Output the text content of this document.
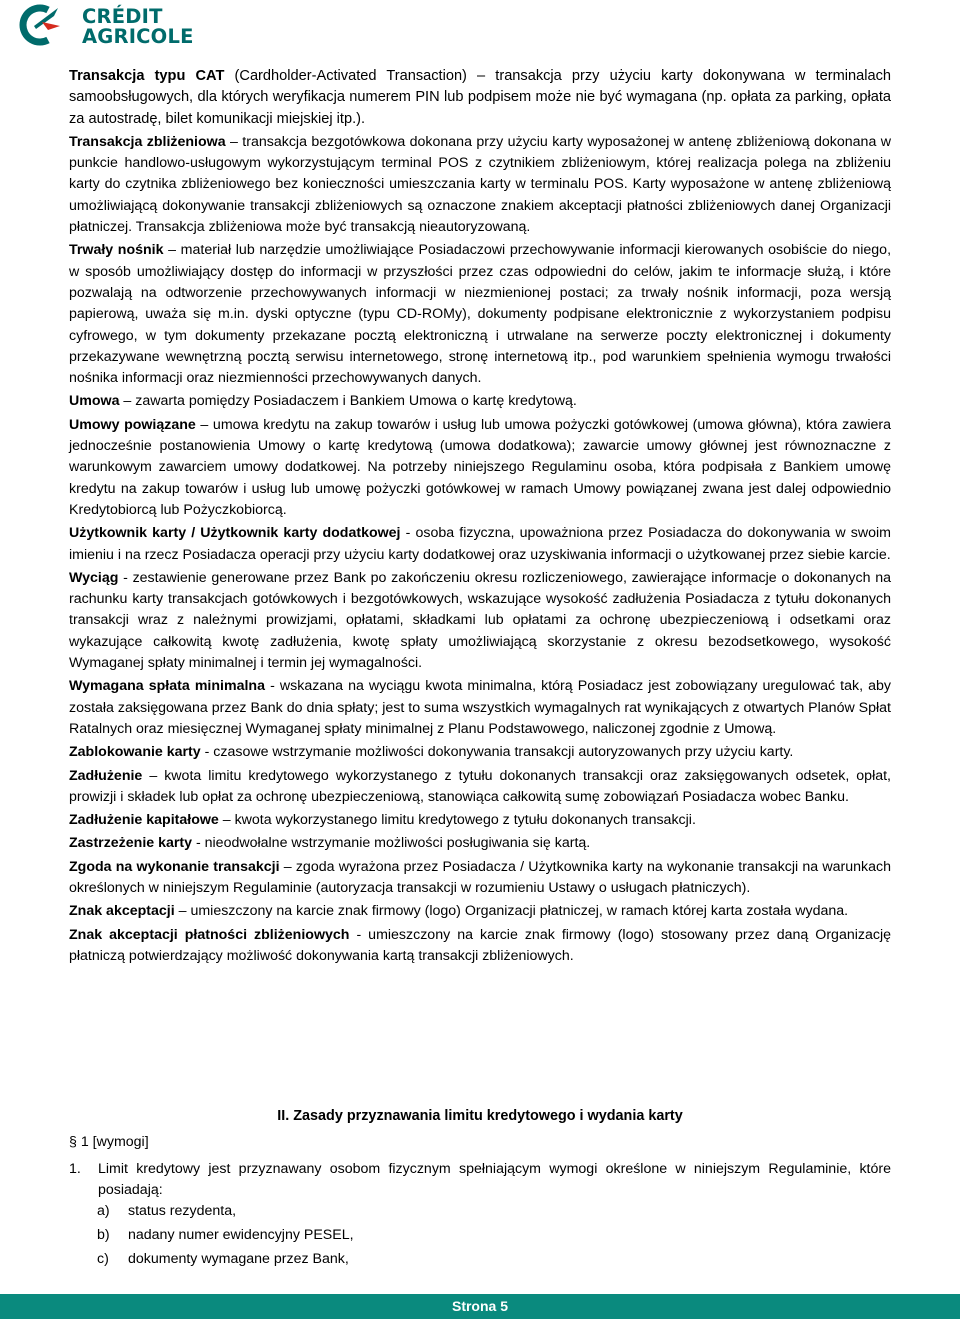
CRÉDIT
AGRICOLE

Transakcja typu CAT (Cardholder-Activated Transaction) – transakcja przy użyciu karty dokonywana w terminalach samoobsługowych, dla których weryfikacja numerem PIN lub podpisem może nie być wymagana (np. opłata za parking, opłata za autostradę, bilet komunikacji miejskiej itp.).

Transakcja zbliżeniowa – transakcja bezgotówkowa dokonana przy użyciu karty wyposażonej w antenę zbliżeniową dokonana w punkcie handlowo-usługowym wykorzystującym terminal POS z czytnikiem zbliżeniowym, której realizacja polega na zbliżeniu karty do czytnika zbliżeniowego bez konieczności umieszczania karty w terminalu POS. Karty wyposażone w antenę zbliżeniową umożliwiającą dokonywanie transakcji zbliżeniowych są oznaczone znakiem akceptacji płatności zbliżeniowych danej Organizacji płatniczej. Transakcja zbliżeniowa może być transakcją nieautoryzowaną.

Trwały nośnik – materiał lub narzędzie umożliwiające Posiadaczowi przechowywanie informacji kierowanych osobiście do niego, w sposób umożliwiający dostęp do informacji w przyszłości przez czas odpowiedni do celów, jakim te informacje służą, i które pozwalają na odtworzenie przechowywanych informacji w niezmienionej postaci; za trwały nośnik informacji, poza wersją papierową, uważa się m.in. dyski optyczne (typu CD-ROMy), dokumenty podpisane elektronicznie z wykorzystaniem podpisu cyfrowego, w tym dokumenty przekazane pocztą elektroniczną i utrwalane na serwerze poczty elektronicznej i dokumenty przekazywane wewnętrzną pocztą serwisu internetowego, stronę internetową itp., pod warunkiem spełnienia wymogu trwałości nośnika informacji oraz niezmienności przechowywanych danych.

Umowa – zawarta pomiędzy Posiadaczem i Bankiem Umowa o kartę kredytową.

Umowy powiązane – umowa kredytu na zakup towarów i usług lub umowa pożyczki gotówkowej (umowa główna), która zawiera jednocześnie postanowienia Umowy o kartę kredytową (umowa dodatkowa); zawarcie umowy głównej jest równoznaczne z warunkowym zawarciem umowy dodatkowej. Na potrzeby niniejszego Regulaminu osoba, która podpisała z Bankiem umowę kredytu na zakup towarów i usług lub umowę pożyczki gotówkowej w ramach Umowy powiązanej zwana jest dalej odpowiednio Kredytobiorcą lub Pożyczkobiorcą.

Użytkownik karty / Użytkownik karty dodatkowej - osoba fizyczna, upoważniona przez Posiadacza do dokonywania w swoim imieniu i na rzecz Posiadacza operacji przy użyciu karty dodatkowej oraz uzyskiwania informacji o użytkowanej przez siebie karcie.

Wyciąg - zestawienie generowane przez Bank po zakończeniu okresu rozliczeniowego, zawierające informacje o dokonanych na rachunku karty transakcjach gotówkowych i bezgotówkowych, wskazujące wysokość zadłużenia Posiadacza z tytułu dokonanych transakcji wraz z należnymi prowizjami, opłatami, składkami lub opłatami za ochronę ubezpieczeniową i odsetkami oraz wykazujące całkowitą kwotę zadłużenia, kwotę spłaty umożliwiającą skorzystanie z okresu bezodsetkowego, wysokość Wymaganej spłaty minimalnej i termin jej wymagalności.

Wymagana spłata minimalna - wskazana na wyciągu kwota minimalna, którą Posiadacz jest zobowiązany uregulować tak, aby została zaksięgowana przez Bank do dnia spłaty; jest to suma wszystkich wymagalnych rat wynikających z otwartych Planów Spłat Ratalnych oraz miesięcznej Wymaganej spłaty minimalnej z Planu Podstawowego, naliczonej zgodnie z Umową.

Zablokowanie karty - czasowe wstrzymanie możliwości dokonywania transakcji autoryzowanych przy użyciu karty.

Zadłużenie – kwota limitu kredytowego wykorzystanego z tytułu dokonanych transakcji oraz zaksięgowanych odsetek, opłat, prowizji i składek lub opłat za ochronę ubezpieczeniową, stanowiąca całkowitą sumę zobowiązań Posiadacza wobec Banku.

Zadłużenie kapitałowe – kwota wykorzystanego limitu kredytowego z tytułu dokonanych transakcji.

Zastrzeżenie karty - nieodwołalne wstrzymanie możliwości posługiwania się kartą.

Zgoda na wykonanie transakcji – zgoda wyrażona przez Posiadacza / Użytkownika karty na wykonanie transakcji na warunkach określonych w niniejszym Regulaminie (autoryzacja transakcji w rozumieniu Ustawy o usługach płatniczych).

Znak akceptacji – umieszczony na karcie znak firmowy (logo) Organizacji płatniczej, w ramach której karta została wydana.

Znak akceptacji płatności zbliżeniowych - umieszczony na karcie znak firmowy (logo) stosowany przez daną Organizację płatniczą potwierdzający możliwość dokonywania kartą transakcji zbliżeniowych.

II. Zasady przyznawania limitu kredytowego i wydania karty
§ 1 [wymogi]
1. Limit kredytowy jest przyznawany osobom fizycznym spełniającym wymogi określone w niniejszym Regulaminie, które posiadają:
a) status rezydenta,
b) nadany numer ewidencyjny PESEL,
c) dokumenty wymagane przez Bank,
Strona 5
